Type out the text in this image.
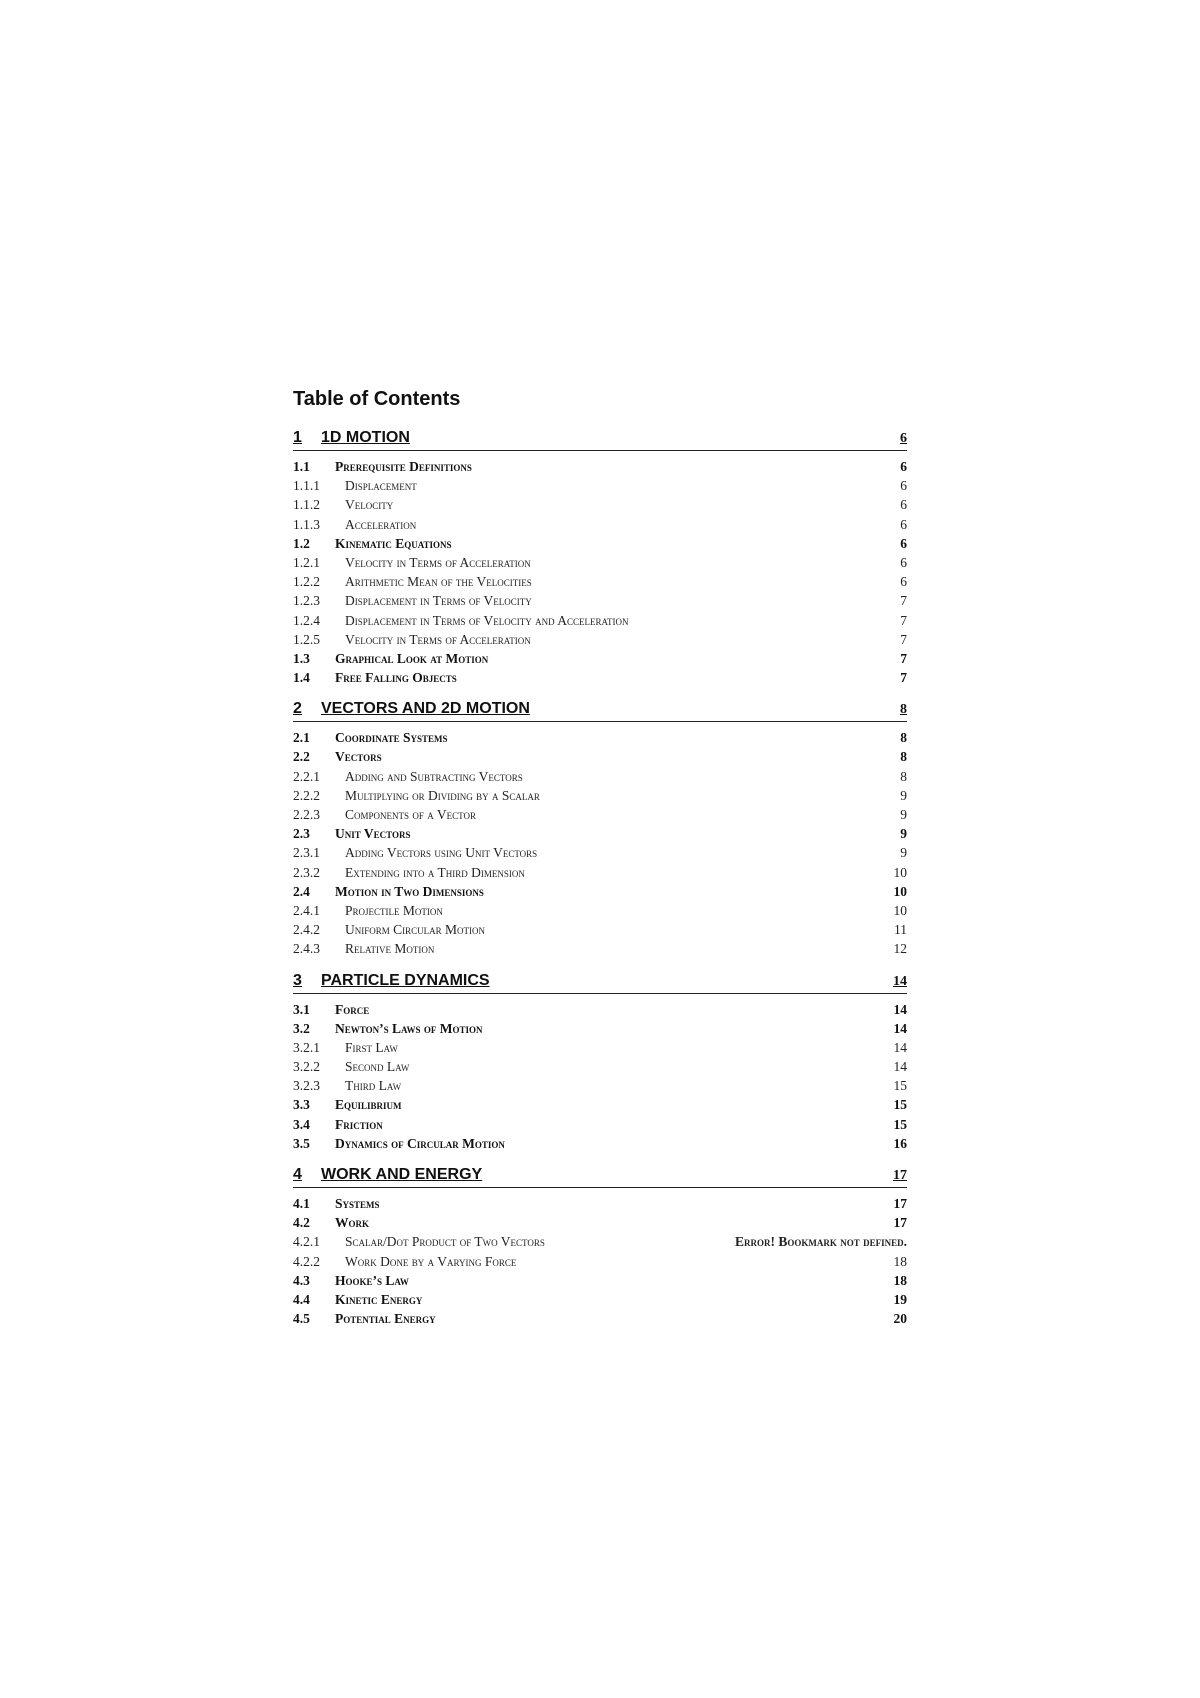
Table of Contents
1	1D MOTION	6
1.1	Prerequisite Definitions	6
1.1.1	Displacement	6
1.1.2	Velocity	6
1.1.3	Acceleration	6
1.2	Kinematic Equations	6
1.2.1	Velocity in Terms of Acceleration	6
1.2.2	Arithmetic Mean of the Velocities	6
1.2.3	Displacement in Terms of Velocity	7
1.2.4	Displacement in Terms of Velocity and Acceleration	7
1.2.5	Velocity in Terms of Acceleration	7
1.3	Graphical Look at Motion	7
1.4	Free Falling Objects	7
2	VECTORS AND 2D MOTION	8
2.1	Coordinate Systems	8
2.2	Vectors	8
2.2.1	Adding and Subtracting Vectors	8
2.2.2	Multiplying or Dividing by a Scalar	9
2.2.3	Components of a Vector	9
2.3	Unit Vectors	9
2.3.1	Adding Vectors using Unit Vectors	9
2.3.2	Extending into a Third Dimension	10
2.4	Motion in Two Dimensions	10
2.4.1	Projectile Motion	10
2.4.2	Uniform Circular Motion	11
2.4.3	Relative Motion	12
3	PARTICLE DYNAMICS	14
3.1	Force	14
3.2	Newton’s Laws of Motion	14
3.2.1	First Law	14
3.2.2	Second Law	14
3.2.3	Third Law	15
3.3	Equilibrium	15
3.4	Friction	15
3.5	Dynamics of Circular Motion	16
4	WORK AND ENERGY	17
4.1	Systems	17
4.2	Work	17
4.2.1	Scalar/Dot Product of Two Vectors	Error! Bookmark not defined.
4.2.2	Work Done by a Varying Force	18
4.3	Hooke’s Law	18
4.4	Kinetic Energy	19
4.5	Potential Energy	20
